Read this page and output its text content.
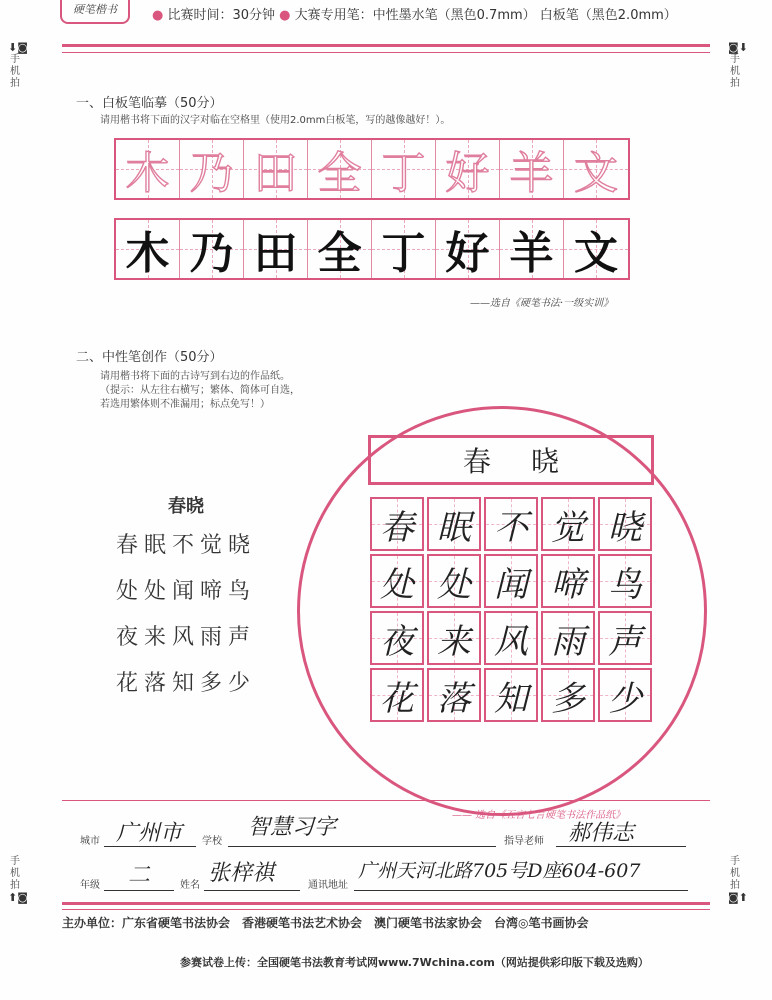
硬笔楷书	● 比赛时间：30分钟 ● 大赛专用笔：中性墨水笔（黑色0.7mm） 白板笔（黑色2.0mm）
⬇◙
手
机
拍
◙⬇
手
机
拍
一、白板笔临摹（50分）
请用楷书将下面的汉字对临在空格里（使用2.0mm白板笔，写的越像越好！）。
木 乃 田 全 丁 好 羊 文
木 乃 田 全 丁 好 羊 文
——选自《硬笔书法·一级实训》
二、中性笔创作（50分）
请用楷书将下面的古诗写到右边的作品纸。
（提示：从左往右横写；繁体、简体可自选，
若选用繁体则不准漏用；标点免写！）
春晓
春眠不觉晓
处处闻啼鸟
夜来风雨声
花落知多少
春晓
春 眠 不 觉 晓
处 处 闻 啼 鸟
夜 来 风 雨 声
花 落 知 多 少
—— 选自《五言七言硬笔书法作品纸》
城市 广州市 学校
智慧习字
指导老师 郝伟志
年级 二	姓名 张梓祺	通讯地址
广州天河北路705号D座604-607
手
机
拍
⬆◙
手
机
拍
◙⬆
主办单位：广东省硬笔书法协会　香港硬笔书法艺术协会　澳门硬笔书法家协会　台湾◎笔书画协会
参赛试卷上传：全国硬笔书法教育考试网www.7Wchina.com（网站提供彩印版下载及选购）
